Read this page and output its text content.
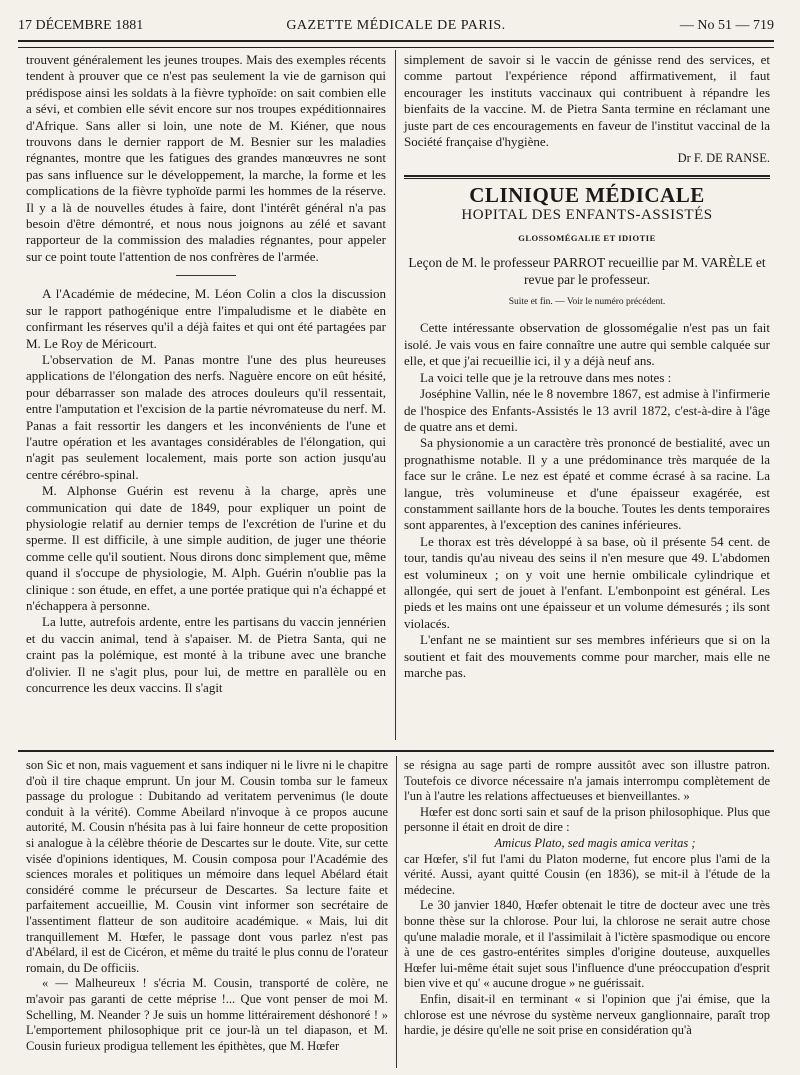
17 DÉCEMBRE 1881	GAZETTE MÉDICALE DE PARIS.	— No 51 — 719

trouvent généralement les jeunes troupes. Mais des exemples récents tendent à prouver que ce n'est pas seulement la vie de garnison qui prédispose ainsi les soldats à la fièvre typhoïde: on sait combien elle a sévi, et combien elle sévit encore sur nos troupes expéditionnaires d'Afrique. Sans aller si loin, une note de M. Kiéner, que nous trouvons dans le dernier rapport de M. Besnier sur les maladies régnantes, montre que les fatigues des grandes manœuvres ne sont pas sans influence sur le développement, la marche, la forme et les complications de la fièvre typhoïde parmi les hommes de la réserve. Il y a là de nouvelles études à faire, dont l'intérêt général n'a pas besoin d'être démontré, et nous nous joignons au zélé et savant rapporteur de la commission des maladies régnantes, pour appeler sur ce point toute l'attention de nos confrères de l'armée.

A l'Académie de médecine, M. Léon Colin a clos la discussion sur le rapport pathogénique entre l'impaludisme et le diabète en confirmant les réserves qu'il a déjà faites et qui ont été partagées par M. Le Roy de Méricourt.

L'observation de M. Panas montre l'une des plus heureuses applications de l'élongation des nerfs. Naguère encore on eût hésité, pour débarrasser son malade des atroces douleurs qu'il ressentait, entre l'amputation et l'excision de la partie névromateuse du nerf. M. Panas a fait ressortir les dangers et les inconvénients de l'une et l'autre opération et les avantages considérables de l'élongation, qui n'agit pas seulement localement, mais porte son action jusqu'au centre cérébro-spinal.

M. Alphonse Guérin est revenu à la charge, après une communication qui date de 1849, pour expliquer un point de physiologie relatif au dernier temps de l'excrétion de l'urine et du sperme. Il est difficile, à une simple audition, de juger une théorie comme celle qu'il soutient. Nous dirons donc simplement que, même quand il s'occupe de physiologie, M. Alph. Guérin n'oublie pas la clinique : son étude, en effet, a une portée pratique qui n'a échappé et n'échappera à personne.

La lutte, autrefois ardente, entre les partisans du vaccin jennérien et du vaccin animal, tend à s'apaiser. M. de Pietra Santa, qui ne craint pas la polémique, est monté à la tribune avec une branche d'olivier. Il ne s'agit plus, pour lui, de mettre en parallèle ou en concurrence les deux vaccins. Il s'agit

simplement de savoir si le vaccin de génisse rend des services, et comme partout l'expérience répond affirmativement, il faut encourager les instituts vaccinaux qui contribuent à répandre les bienfaits de la vaccine. M. de Pietra Santa termine en réclamant une juste part de ces encouragements en faveur de l'institut vaccinal de la Société française d'hygiène.

Dr F. DE RANSE.
CLINIQUE MÉDICALE
HOPITAL DES ENFANTS-ASSISTÉS
GLOSSOMÉGALIE ET IDIOTIE
Leçon de M. le professeur PARROT recueillie par M. VARÈLE et revue par le professeur.
Suite et fin. — Voir le numéro précédent.

Cette intéressante observation de glossomégalie n'est pas un fait isolé. Je vais vous en faire connaître une autre qui semble calquée sur elle, et que j'ai recueillie ici, il y a déjà neuf ans.

La voici telle que je la retrouve dans mes notes :

Joséphine Vallin, née le 8 novembre 1867, est admise à l'infirmerie de l'hospice des Enfants-Assistés le 13 avril 1872, c'est-à-dire à l'âge de quatre ans et demi.

Sa physionomie a un caractère très prononcé de bestialité, avec un prognathisme notable. Il y a une prédominance très marquée de la face sur le crâne. Le nez est épaté et comme écrasé à sa racine. La langue, très volumineuse et d'une épaisseur exagérée, est constamment saillante hors de la bouche. Toutes les dents temporaires sont apparentes, à l'exception des canines inférieures.

Le thorax est très développé à sa base, où il présente 54 cent. de tour, tandis qu'au niveau des seins il n'en mesure que 49. L'abdomen est volumineux ; on y voit une hernie ombilicale cylindrique et allongée, qui sert de jouet à l'enfant. L'embonpoint est général. Les pieds et les mains ont une épaisseur et un volume démesurés ; ils sont violacés.

L'enfant ne se maintient sur ses membres inférieurs que si on la soutient et fait des mouvements comme pour marcher, mais elle ne marche pas.

son Sic et non, mais vaguement et sans indiquer ni le livre ni le chapitre d'où il tire chaque emprunt. Un jour M. Cousin tomba sur le fameux passage du prologue : Dubitando ad veritatem pervenimus (le doute conduit à la vérité). Comme Abeilard n'invoque à ce propos aucune autorité, M. Cousin n'hésita pas à lui faire honneur de cette proposition si analogue à la célèbre théorie de Descartes sur le doute. Vite, sur cette visée d'opinions identiques, M. Cousin composa pour l'Académie des sciences morales et politiques un mémoire dans lequel Abélard était considéré comme le précurseur de Descartes. Sa lecture faite et parfaitement accueillie, M. Cousin vint informer son secrétaire de l'assentiment flatteur de son auditoire académique. « Mais, lui dit tranquillement M. Hœfer, le passage dont vous parlez n'est pas d'Abélard, il est de Cicéron, et même du traité le plus connu de l'orateur romain, du De officiis.

« — Malheureux ! s'écria M. Cousin, transporté de colère, ne m'avoir pas garanti de cette méprise !... Que vont penser de moi M. Schelling, M. Neander ? Je suis un homme littérairement déshonoré ! » L'emportement philosophique prit ce jour-là un tel diapason, et M. Cousin furieux prodigua tellement les épithètes, que M. Hœfer

se résigna au sage parti de rompre aussitôt avec son illustre patron. Toutefois ce divorce nécessaire n'a jamais interrompu complètement de l'un à l'autre les relations affectueuses et bienveillantes. »

Hœfer est donc sorti sain et sauf de la prison philosophique. Plus que personne il était en droit de dire :

Amicus Plato, sed magis amica veritas ;

car Hœfer, s'il fut l'ami du Platon moderne, fut encore plus l'ami de la vérité. Aussi, ayant quitté Cousin (en 1836), se mit-il à l'étude de la médecine.

Le 30 janvier 1840, Hœfer obtenait le titre de docteur avec une très bonne thèse sur la chlorose. Pour lui, la chlorose ne serait autre chose qu'une maladie morale, et il l'assimilait à l'ictère spasmodique ou encore à une de ces gastro-entérites simples d'origine douteuse, auxquelles Hœfer lui-même était sujet sous l'influence d'une préoccupation d'esprit bien vive et qu' « aucune drogue » ne guérissait.

Enfin, disait-il en terminant « si l'opinion que j'ai émise, que la chlorose est une névrose du système nerveux ganglionnaire, paraît trop hardie, je désire qu'elle ne soit prise en considération qu'à
